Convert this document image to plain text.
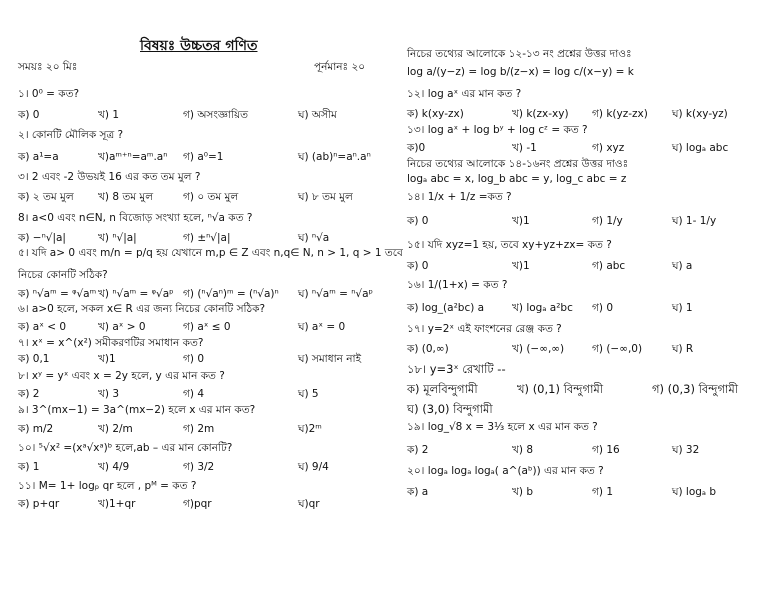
বিষয়ঃ উচ্চতর গণিত
সময়ঃ ২০ মিঃ	পূর্নমানঃ ২০
১। 0⁰ = কত?
ক) 0	খ) 1	গ) অসংজ্ঞায়িত	ঘ) অসীম
২। কোনটি মৌলিক সূত্র ?
ক) a¹=a	খ)aᵐ⁺ⁿ=aᵐ.aⁿ গ) a⁰=1	ঘ) (ab)ⁿ=aⁿ.aⁿ
৩। 2 এবং -2 উভয়ই 16 এর কত তম মুল ?
ক) ২ তম মুল খ) 8 তম মুল	গ) ০ তম মুল	ঘ) ৮ তম মুল
8। a<0 এবং n∈N, n বিজোড় সংখ্যা হলে, ⁿ√a কত ?
ক) −ⁿ√|a|	খ) ⁿ√|a|	গ) ±ⁿ√|a|	ঘ) ⁿ√a
৫। যদি a> 0 এবং m/n = p/q হয় যেখানে m,p ∈ Z এবং n,q∈ N, n > 1, q > 1 তবে
নিচের কোনটি সঠিক?
ক) ⁿ√aᵐ = ᵠ√aᵐ খ) ⁿ√aᵐ = ᵠ√aᵖ গ) (ⁿ√aⁿ)ᵐ = (ⁿ√a)ⁿ ঘ) ⁿ√aᵐ = ⁿ√aᵖ
৬। a>0 হলে, সকল x∈ R এর জন্য নিচের কোনটি সঠিক?
ক) aˣ < 0	খ) aˣ > 0	গ) aˣ ≤ 0	ঘ) aˣ = 0
৭। xˣ = x^(x²) সমীকরণটির সমাধান কত?
ক) 0,1	খ)1	গ) 0	ঘ) সমাধান নাই
৮। xʸ = yˣ এবং x = 2y হলে, y এর মান কত ?
ক) 2	খ) 3	গ) 4	ঘ) 5
৯। 3^(mx−1) = 3a^(mx−2) হলে x এর মান কত?
ক) m/2	খ) 2/m	গ) 2m	ঘ)2ᵐ
১০। ⁵√x² =(xᵃ√xᵃ)ᵇ হলে,ab – এর মান কোনটি?
ক) 1	খ) 4/9	গ) 3/2	ঘ) 9/4
১১। M= 1+ logₚ qr হলে , pᴹ = কত ?
ক) p+qr	খ)1+qr	গ)pqr	ঘ)qr
নিচের তথ্যের আলোকে ১২-১৩ নং প্রশ্নের উত্তর দাওঃ
log a/(y−z) = log b/(z−x) = log c/(x−y) = k
১২। log aˣ এর মান কত ?
ক) k(xy-zx)	খ) k(zx-xy) গ) k(yz-zx) ঘ) k(xy-yz)
১৩। log aˣ + log bʸ + log cᶻ = কত ?
ক)0	খ) -1	গ) xyz	ঘ) logₐ abc
নিচের তথ্যের আলোকে ১৪-১৬নং প্রশ্নের উত্তর দাওঃ
logₐ abc = x, log_b abc = y, log_c abc = z
১৪। 1/x + 1/z =কত ?
ক) 0	খ)1	গ) 1/y	ঘ) 1- 1/y
১৫। যদি xyz=1 হয়, তবে xy+yz+zx= কত ?
ক) 0	খ)1	গ) abc	ঘ) a
১৬। 1/(1+x) = কত ?
ক) log_(a²bc) a	খ) logₐ a²bc গ) 0	ঘ) 1
১৭। y=2ˣ এই ফাংশনের রেঞ্জ কত ?
ক) (0,∞)	খ) (−∞,∞)	গ) (−∞,0)	ঘ) R
১৮। y=3ˣ রেখাটি --
ক) মূলবিন্দুগামী	খ) (0,1) বিন্দুগামী	গ) (0,3) বিন্দুগামী
ঘ) (3,0) বিন্দুগামী
১৯। log_√8 x = 3⅓ হলে x এর মান কত ?
ক) 2	খ) 8	গ) 16	ঘ) 32
২০। logₐ logₐ logₐ( a^(aᵇ)) এর মান কত ?
ক) a	খ) b	গ) 1	ঘ) logₐ b
